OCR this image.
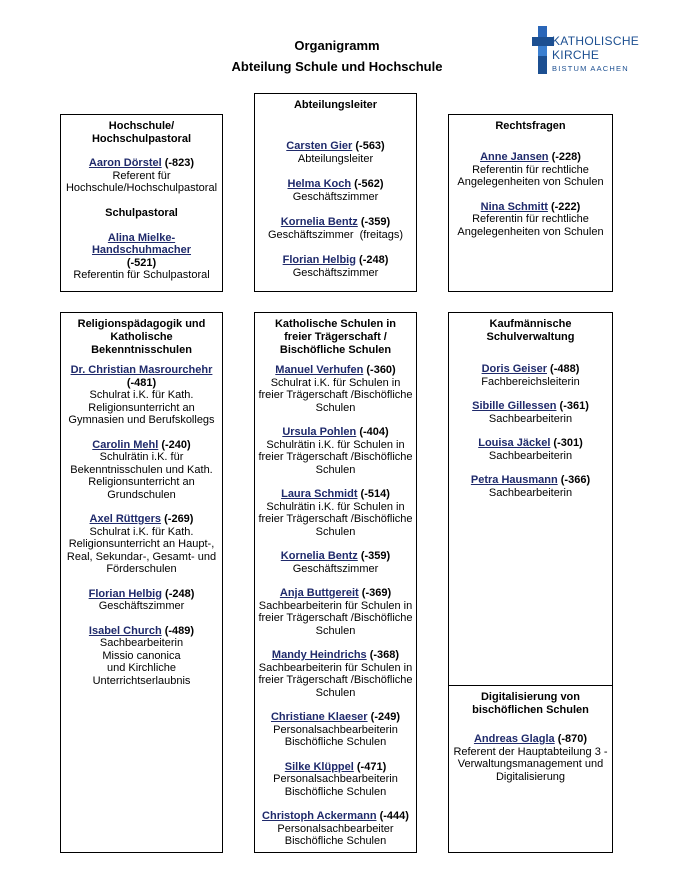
Organigramm
Abteilung Schule und Hochschule
KATHOLISCHE
KIRCHE
BISTUM AACHEN
Hochschule/
Hochschulpastoral
Aaron Dörstel (-823)
Referent für
Hochschule/Hochschulpastoral
Schulpastoral
Alina Mielke-
Handschuhmacher
(-521)
Referentin für Schulpastoral
Abteilungsleiter
Carsten Gier (-563)
Abteilungsleiter
Helma Koch (-562)
Geschäftszimmer
Kornelia Bentz (-359)
Geschäftszimmer  (freitags)
Florian Helbig (-248)
Geschäftszimmer
Rechtsfragen
Anne Jansen (-228)
Referentin für rechtliche
Angelegenheiten von Schulen
Nina Schmitt (-222)
Referentin für rechtliche
Angelegenheiten von Schulen
Religionspädagogik und
Katholische
Bekenntnisschulen
Dr. Christian Masrourchehr
(-481)
Schulrat i.K. für Kath.
Religionsunterricht an
Gymnasien und Berufskollegs
Carolin Mehl (-240)
Schulrätin i.K. für
Bekenntnisschulen und Kath.
Religionsunterricht an
Grundschulen
Axel Rüttgers (-269)
Schulrat i.K. für Kath.
Religionsunterricht an Haupt-,
Real, Sekundar-, Gesamt- und
Förderschulen
Florian Helbig (-248)
Geschäftszimmer
Isabel Church (-489)
Sachbearbeiterin
Missio canonica
und Kirchliche
Unterrichtserlaubnis
Katholische Schulen in
freier Trägerschaft /
Bischöfliche Schulen
Manuel Verhufen (-360)
Schulrat i.K. für Schulen in
freier Trägerschaft /Bischöfliche
Schulen
Ursula Pohlen (-404)
Schulrätin i.K. für Schulen in
freier Trägerschaft /Bischöfliche
Schulen
Laura Schmidt (-514)
Schulrätin i.K. für Schulen in
freier Trägerschaft /Bischöfliche
Schulen
Kornelia Bentz (-359)
Geschäftszimmer
Anja Buttgereit (-369)
Sachbearbeiterin für Schulen in
freier Trägerschaft /Bischöfliche
Schulen
Mandy Heindrichs (-368)
Sachbearbeiterin für Schulen in
freier Trägerschaft /Bischöfliche
Schulen
Christiane Klaeser (-249)
Personalsachbearbeiterin
Bischöfliche Schulen
Silke Klüppel (-471)
Personalsachbearbeiterin
Bischöfliche Schulen
Christoph Ackermann (-444)
Personalsachbearbeiter
Bischöfliche Schulen
Kaufmännische
Schulverwaltung
Doris Geiser (-488)
Fachbereichsleiterin
Sibille Gillessen (-361)
Sachbearbeiterin
Louisa Jäckel (-301)
Sachbearbeiterin
Petra Hausmann (-366)
Sachbearbeiterin
Digitalisierung von
bischöflichen Schulen
Andreas Glagla (-870)
Referent der Hauptabteilung 3 -
Verwaltungsmanagement und
Digitalisierung
